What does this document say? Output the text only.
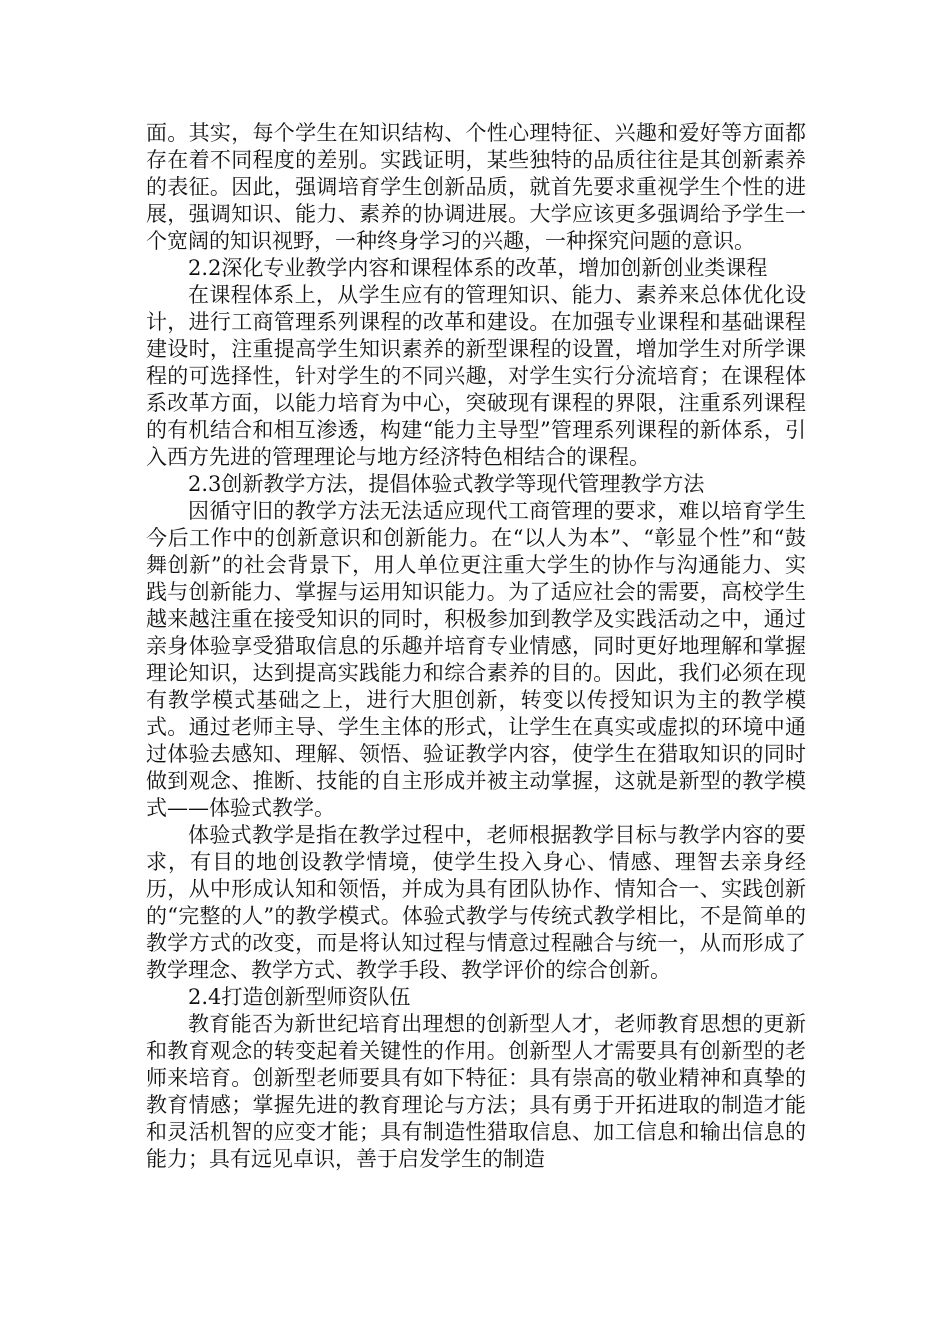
面。其实，每个学生在知识结构、个性心理特征、兴趣和爱好等方面都存在着不同程度的差别。实践证明，某些独特的品质往往是其创新素养的表征。因此，强调培育学生创新品质，就首先要求重视学生个性的进展，强调知识、能力、素养的协调进展。大学应该更多强调给予学生一个宽阔的知识视野，一种终身学习的兴趣，一种探究问题的意识。

2.2深化专业教学内容和课程体系的改革，增加创新创业类课程

在课程体系上，从学生应有的管理知识、能力、素养来总体优化设计，进行工商管理系列课程的改革和建设。在加强专业课程和基础课程建设时，注重提高学生知识素养的新型课程的设置，增加学生对所学课程的可选择性，针对学生的不同兴趣，对学生实行分流培育；在课程体系改革方面，以能力培育为中心，突破现有课程的界限，注重系列课程的有机结合和相互渗透，构建“能力主导型”管理系列课程的新体系，引入西方先进的管理理论与地方经济特色相结合的课程。

2.3创新教学方法，提倡体验式教学等现代管理教学方法

因循守旧的教学方法无法适应现代工商管理的要求，难以培育学生今后工作中的创新意识和创新能力。在“以人为本”、“彰显个性”和“鼓舞创新”的社会背景下，用人单位更注重大学生的协作与沟通能力、实践与创新能力、掌握与运用知识能力。为了适应社会的需要，高校学生越来越注重在接受知识的同时，积极参加到教学及实践活动之中，通过亲身体验享受猎取信息的乐趣并培育专业情感，同时更好地理解和掌握理论知识，达到提高实践能力和综合素养的目的。因此，我们必须在现有教学模式基础之上，进行大胆创新，转变以传授知识为主的教学模式。通过老师主导、学生主体的形式，让学生在真实或虚拟的环境中通过体验去感知、理解、领悟、验证教学内容，使学生在猎取知识的同时做到观念、推断、技能的自主形成并被主动掌握，这就是新型的教学模式——体验式教学。

体验式教学是指在教学过程中，老师根据教学目标与教学内容的要求，有目的地创设教学情境，使学生投入身心、情感、理智去亲身经历，从中形成认知和领悟，并成为具有团队协作、情知合一、实践创新的“完整的人”的教学模式。体验式教学与传统式教学相比，不是简单的教学方式的改变，而是将认知过程与情意过程融合与统一，从而形成了教学理念、教学方式、教学手段、教学评价的综合创新。

2.4打造创新型师资队伍

教育能否为新世纪培育出理想的创新型人才，老师教育思想的更新和教育观念的转变起着关键性的作用。创新型人才需要具有创新型的老师来培育。创新型老师要具有如下特征：具有崇高的敬业精神和真挚的教育情感；掌握先进的教育理论与方法；具有勇于开拓进取的制造才能和灵活机智的应变才能；具有制造性猎取信息、加工信息和输出信息的能力；具有远见卓识，善于启发学生的制造
